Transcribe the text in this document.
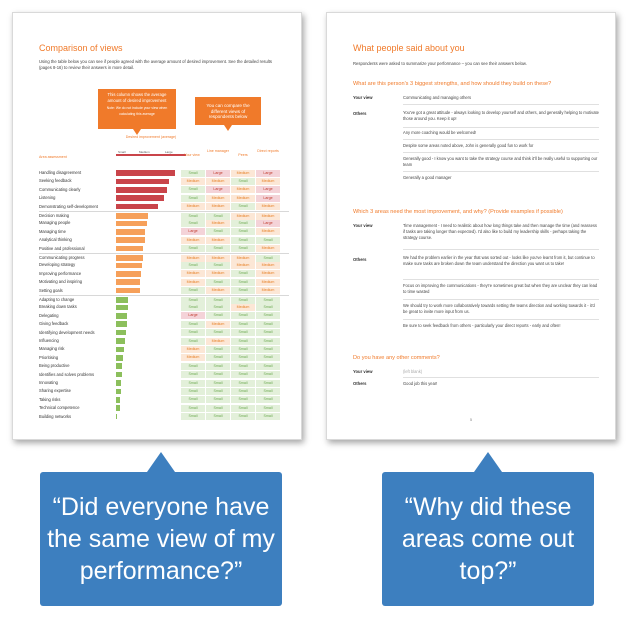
Comparison of views
Using the table below you can see if people agreed with the average amount of desired improvement. See the detailed results (pages 8-16) to review their answers in more detail.
This column shows the average amount of desired improvement
Note: We do not include your view when calculating this average
You can compare the different views of respondents below
Area assessment
Desired improvement (average)
Small	Medium	Large
Your view
Line manager
Peers
Direct reports
Handling disagreement	Small	Large	Medium	Large
Seeking feedback	Medium	Medium	Small	Medium
Communicating clearly	Small	Large	Medium	Large
Listening	Small	Medium	Medium	Large
Demonstrating self-development	Medium	Medium	Small	Medium
Decision making	Small	Small	Medium	Medium
Managing people	Small	Medium	Small	Large
Managing time	Large	Small	Small	Medium
Analytical thinking	Medium	Medium	Small	Small
Positive and professional	Small	Small	Small	Medium
Communicating progress	Medium	Medium	Medium	Small
Developing strategy	Small	Small	Medium	Medium
Improving performance	Medium	Medium	Small	Medium
Motivating and inspiring	Medium	Small	Small	Medium
Setting goals	Small	Medium	Small	Medium
Adapting to change	Small	Small	Small	Small
Breaking down tasks	Small	Small	Medium	Small
Delegating	Large	Small	Small	Small
Giving feedback	Small	Medium	Small	Small
Identifying development needs	Small	Small	Small	Small
Influencing	Small	Medium	Small	Small
Managing risk	Medium	Small	Small	Small
Prioritising	Medium	Small	Small	Small
Being productive	Small	Small	Small	Small
Identifies and solves problems	Small	Small	Small	Small
Innovating	Small	Small	Small	Small
Sharing expertise	Small	Small	Small	Small
Taking risks	Small	Small	Small	Small
Technical competence	Small	Small	Small	Small
Building networks	Small	Small	Small	Small
What people said about you
Respondents were asked to summarize your performance – you can see their answers below.
What are this person's 3 biggest strengths, and how should they build on these?
Your view	Communicating and managing others
Others	You've got a great attitude - always looking to develop yourself and others, and generally helping to motivate those around you. Keep it up!
Any more coaching would be welcomed!
Despite some areas noted above, John is generally good fun to work for
Generally good - I know you want to take the strategy course and think it'll be really useful to supporting our team
Generally a good manager
Which 3 areas need the most improvement, and why? (Provide examples if possible)
Your view	Time management - I need to realistic about how long things take and then manage the time (and reassess if tasks are taking longer than expected). I'd also like to build my leadership skills - perhaps taking the strategy course.
Others	We had the problem earlier in the year that was sorted out - looks like you've learnt from it, but continue to make sure tasks are broken down the team understand the direction you want us to take!
Focus on improving the communications - they're sometimes great but when they are unclear they can lead to time wasted
We should try to work more collaboratively towards setting the teams direction and working towards it - it'd be great to invite more input from us.
Be sure to seek feedback from others - particularly your direct reports - early and often!
Do you have any other comments?
Your view	(left blank)
Others	Good job this year!
5
“Did everyone have the same view of my performance?”
“Why did these areas come out top?”
